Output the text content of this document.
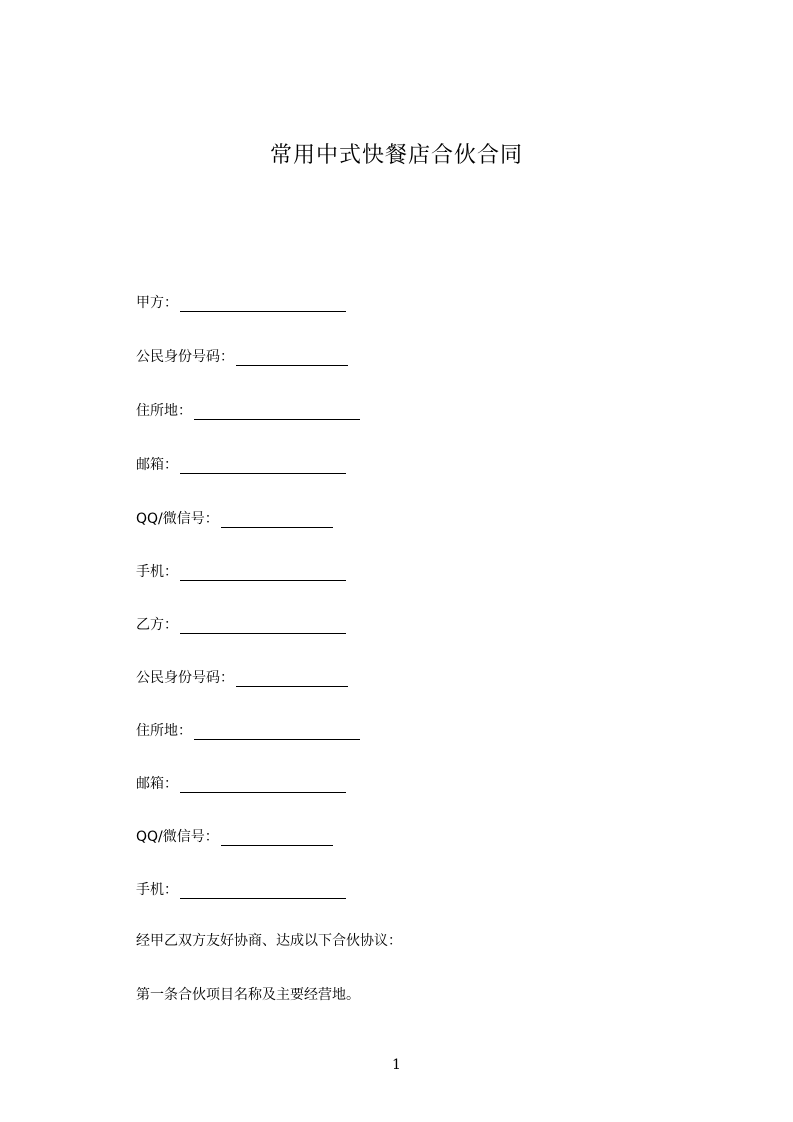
常用中式快餐店合伙合同
甲方：
公民身份号码：
住所地：
邮箱：
QQ/微信号：
手机：
乙方：
公民身份号码：
住所地：
邮箱：
QQ/微信号：
手机：
经甲乙双方友好协商、达成以下合伙协议：
第一条合伙项目名称及主要经营地。
1
